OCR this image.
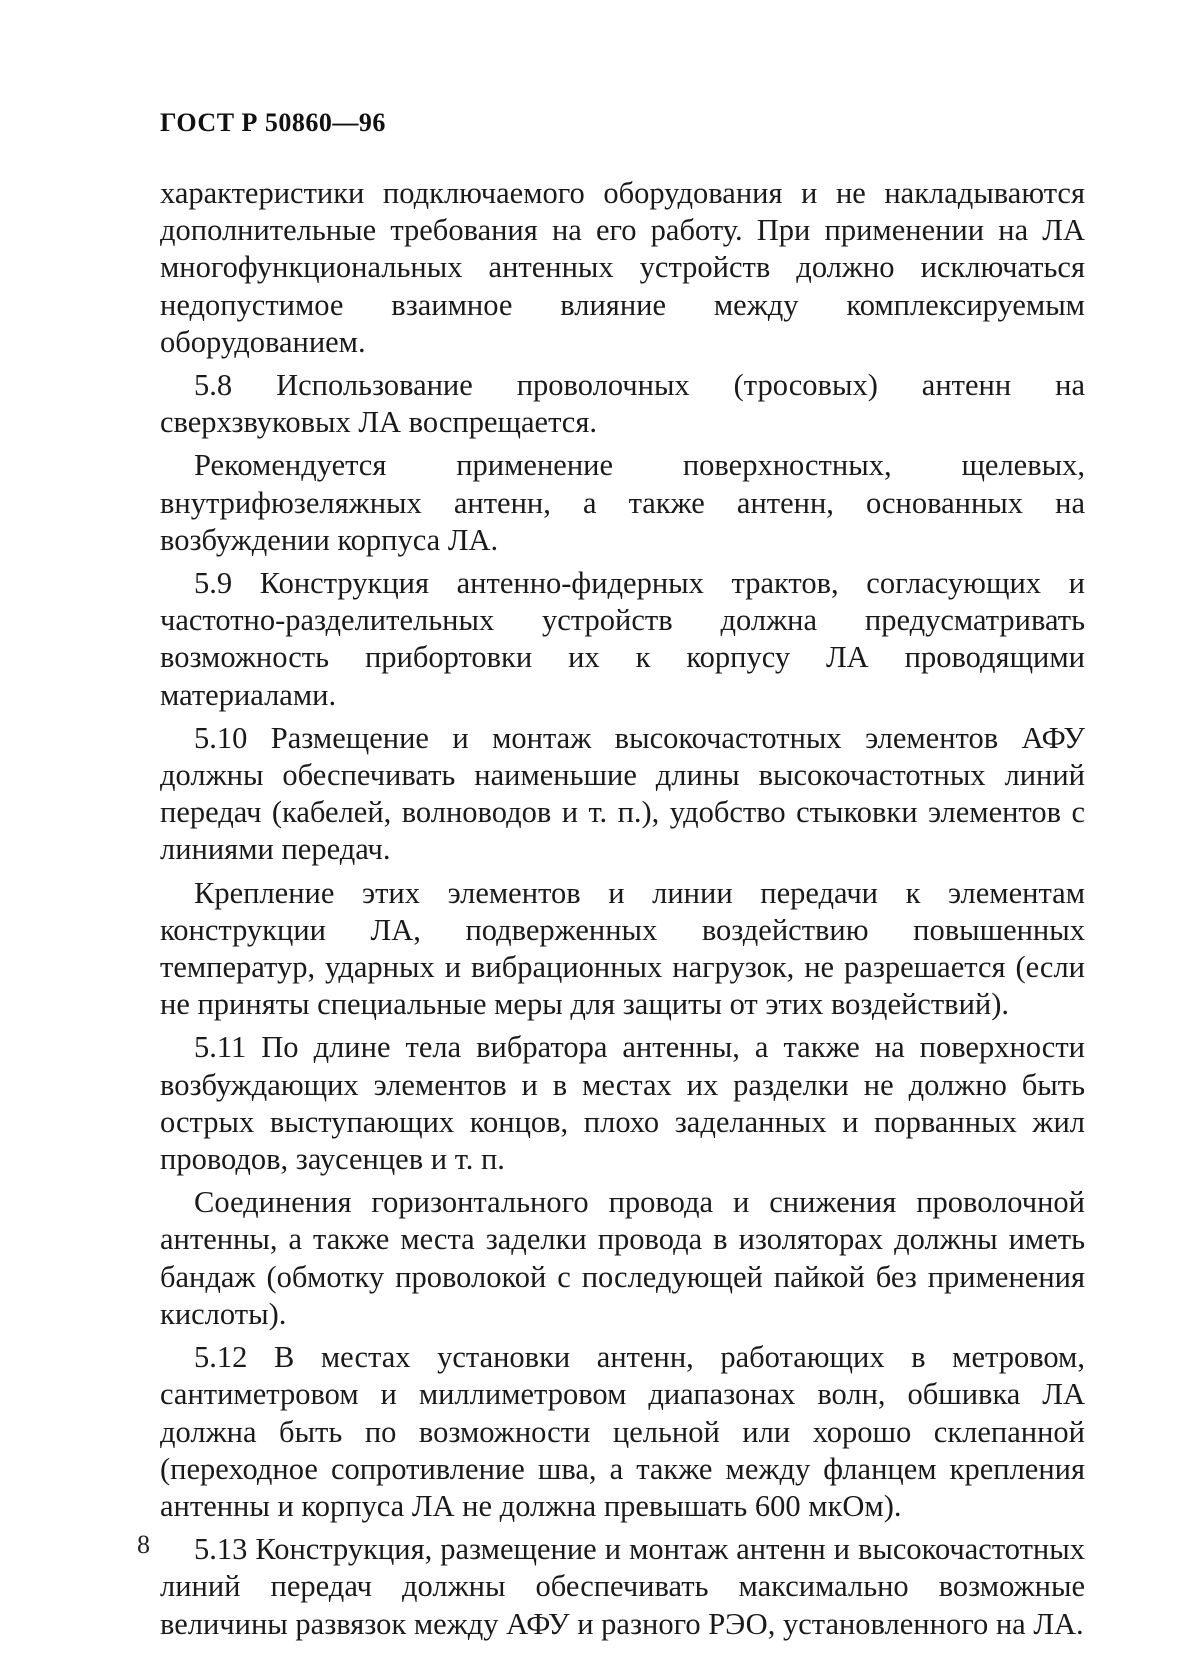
ГОСТ Р 50860—96

характеристики подключаемого оборудования и не накладываются дополнительные требования на его работу. При применении на ЛА многофункциональных антенных устройств должно исключаться недопустимое взаимное влияние между комплексируемым оборудованием.

5.8 Использование проволочных (тросовых) антенн на сверхзвуковых ЛА воспрещается.

Рекомендуется применение поверхностных, щелевых, внутрифюзеляжных антенн, а также антенн, основанных на возбуждении корпуса ЛА.

5.9 Конструкция антенно-фидерных трактов, согласующих и частотно-разделительных устройств должна предусматривать возможность прибортовки их к корпусу ЛА проводящими материалами.

5.10 Размещение и монтаж высокочастотных элементов АФУ должны обеспечивать наименьшие длины высокочастотных линий передач (кабелей, волноводов и т. п.), удобство стыковки элементов с линиями передач.

Крепление этих элементов и линии передачи к элементам конструкции ЛА, подверженных воздействию повышенных температур, ударных и вибрационных нагрузок, не разрешается (если не приняты специальные меры для защиты от этих воздействий).

5.11 По длине тела вибратора антенны, а также на поверхности возбуждающих элементов и в местах их разделки не должно быть острых выступающих концов, плохо заделанных и порванных жил проводов, заусенцев и т. п.

Соединения горизонтального провода и снижения проволочной антенны, а также места заделки провода в изоляторах должны иметь бандаж (обмотку проволокой с последующей пайкой без применения кислоты).

5.12 В местах установки антенн, работающих в метровом, сантиметровом и миллиметровом диапазонах волн, обшивка ЛА должна быть по возможности цельной или хорошо склепанной (переходное сопротивление шва, а также между фланцем крепления антенны и корпуса ЛА не должна превышать 600 мкОм).

5.13 Конструкция, размещение и монтаж антенн и высокочастотных линий передач должны обеспечивать максимально возможные величины развязок между АФУ и разного РЭО, установленного на ЛА.

8
